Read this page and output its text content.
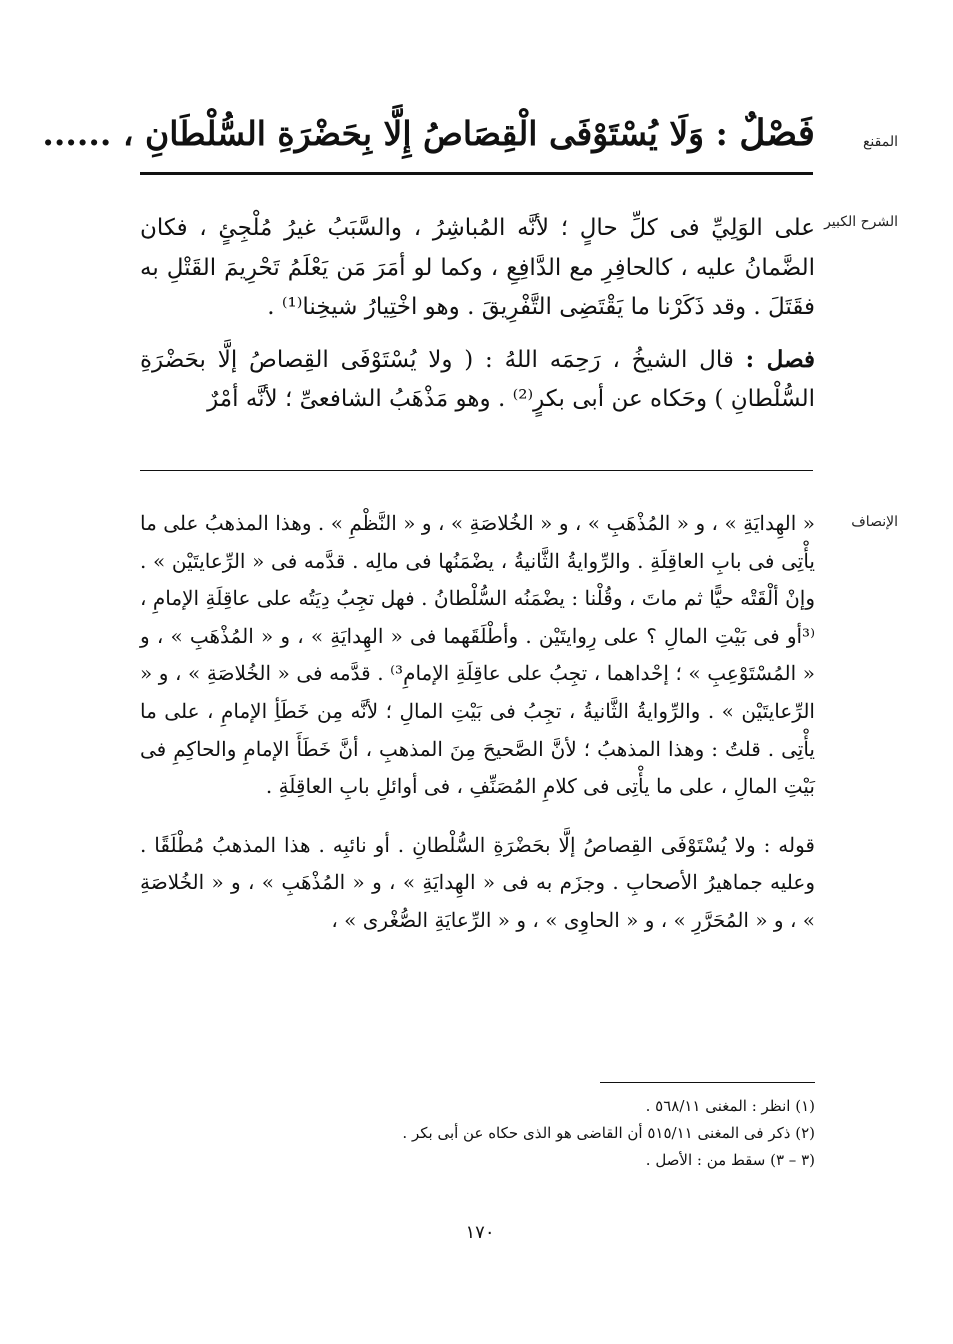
المقنع
فَصْلٌ : وَلَا يُسْتَوْفَى الْقِصَاصُ إِلَّا بِحَضْرَةِ السُّلْطَانِ ، ......
الشرح الكبير

على الوَلِيِّ فى كلِّ حالٍ ؛ لأنَّه المُباشِرُ ، والسَّبَبُ غيرُ مُلْجِئٍ ، فكان الضَّمانُ عليه ، كالحافِرِ مع الدَّافِعِ ، وكما لو أمَرَ مَن يَعْلَمُ تَحْرِيمَ القَتْلِ به فقَتَلَ . وقد ذَكَرْنا ما يَقْتَضِى التَّفْرِيقَ . وهو اخْتِيارُ شيخِنا⁽¹⁾ .

فصل : قال الشيخُ ، رَحِمَه اللهُ : ( ولا يُسْتَوْفَى القِصاصُ إلَّا بحَضْرَةِ السُّلْطانِ ) وحَكاه عن أبى بكرٍ⁽²⁾ . وهو مَذْهَبُ الشافعىِّ ؛ لأنَّه أمْرٌ

الإنصاف

« الهِدايَةِ » ، و « المُذْهَبِ » ، و « الخُلاصَةِ » ، و « النَّظْمِ » . وهذا المذهبُ على ما يأْتِى فى بابِ العاقِلَةِ . والرِّوايةُ الثَّانيةُ ، يضْمَنُها فى مالِه . قدَّمه فى « الرِّعايتَيْن » . وإنْ ألْقَتْه حيًّا ثم ماتَ ، وقُلْنا : يضْمَنُه السُّلْطانُ . فهل تجِبُ دِيَتُه على عاقِلَةِ الإمامِ ، ⁽³أو فى بَيْتِ المالِ ؟ على رِوايتَيْن . وأطْلَقَهما فى « الهِدايَةِ » ، و « المُذْهَبِ » ، و « المُسْتَوْعِبِ » ؛ إحْداهما ، تجِبُ على عاقِلَةِ الإمامِ³⁾ . قدَّمه فى « الخُلاصَةِ » ، و « الرِّعايتَيْن » . والرِّوايةُ الثَّانيةُ ، تجِبُ فى بَيْتِ المالِ ؛ لأنَّه مِن خَطَأِ الإمامِ ، على ما يأْتِى . قلتُ : وهذا المذهبُ ؛ لأنَّ الصَّحيحَ مِنَ المذهبِ ، أنَّ خَطَأَ الإمامِ والحاكِمِ فى بَيْتِ المالِ ، على ما يأْتِى فى كلامِ المُصَنِّفِ ، فى أوائلِ بابِ العاقِلَةِ .

قوله : ولا يُسْتَوْفَى القِصاصُ إلَّا بحَضْرَةِ السُّلْطانِ . أو نائبِه . هذا المذهبُ مُطْلَقًا . وعليه جماهيرُ الأصحابِ . وجزَم به فى « الهِدايَةِ » ، و « المُذْهَبِ » ، و « الخُلاصَةِ » ، و « المُحَرَّرِ » ، و « الحاوِى » ، و « الرِّعايَةِ الصُّغْرى » ،

(١) انظر : المغنى ٥٦٨/١١ .
(٢) ذكر فى المغنى ٥١٥/١١ أن القاضى هو الذى حكاه عن أبى بكر .
(٣ – ٣) سقط من : الأصل .
١٧٠
